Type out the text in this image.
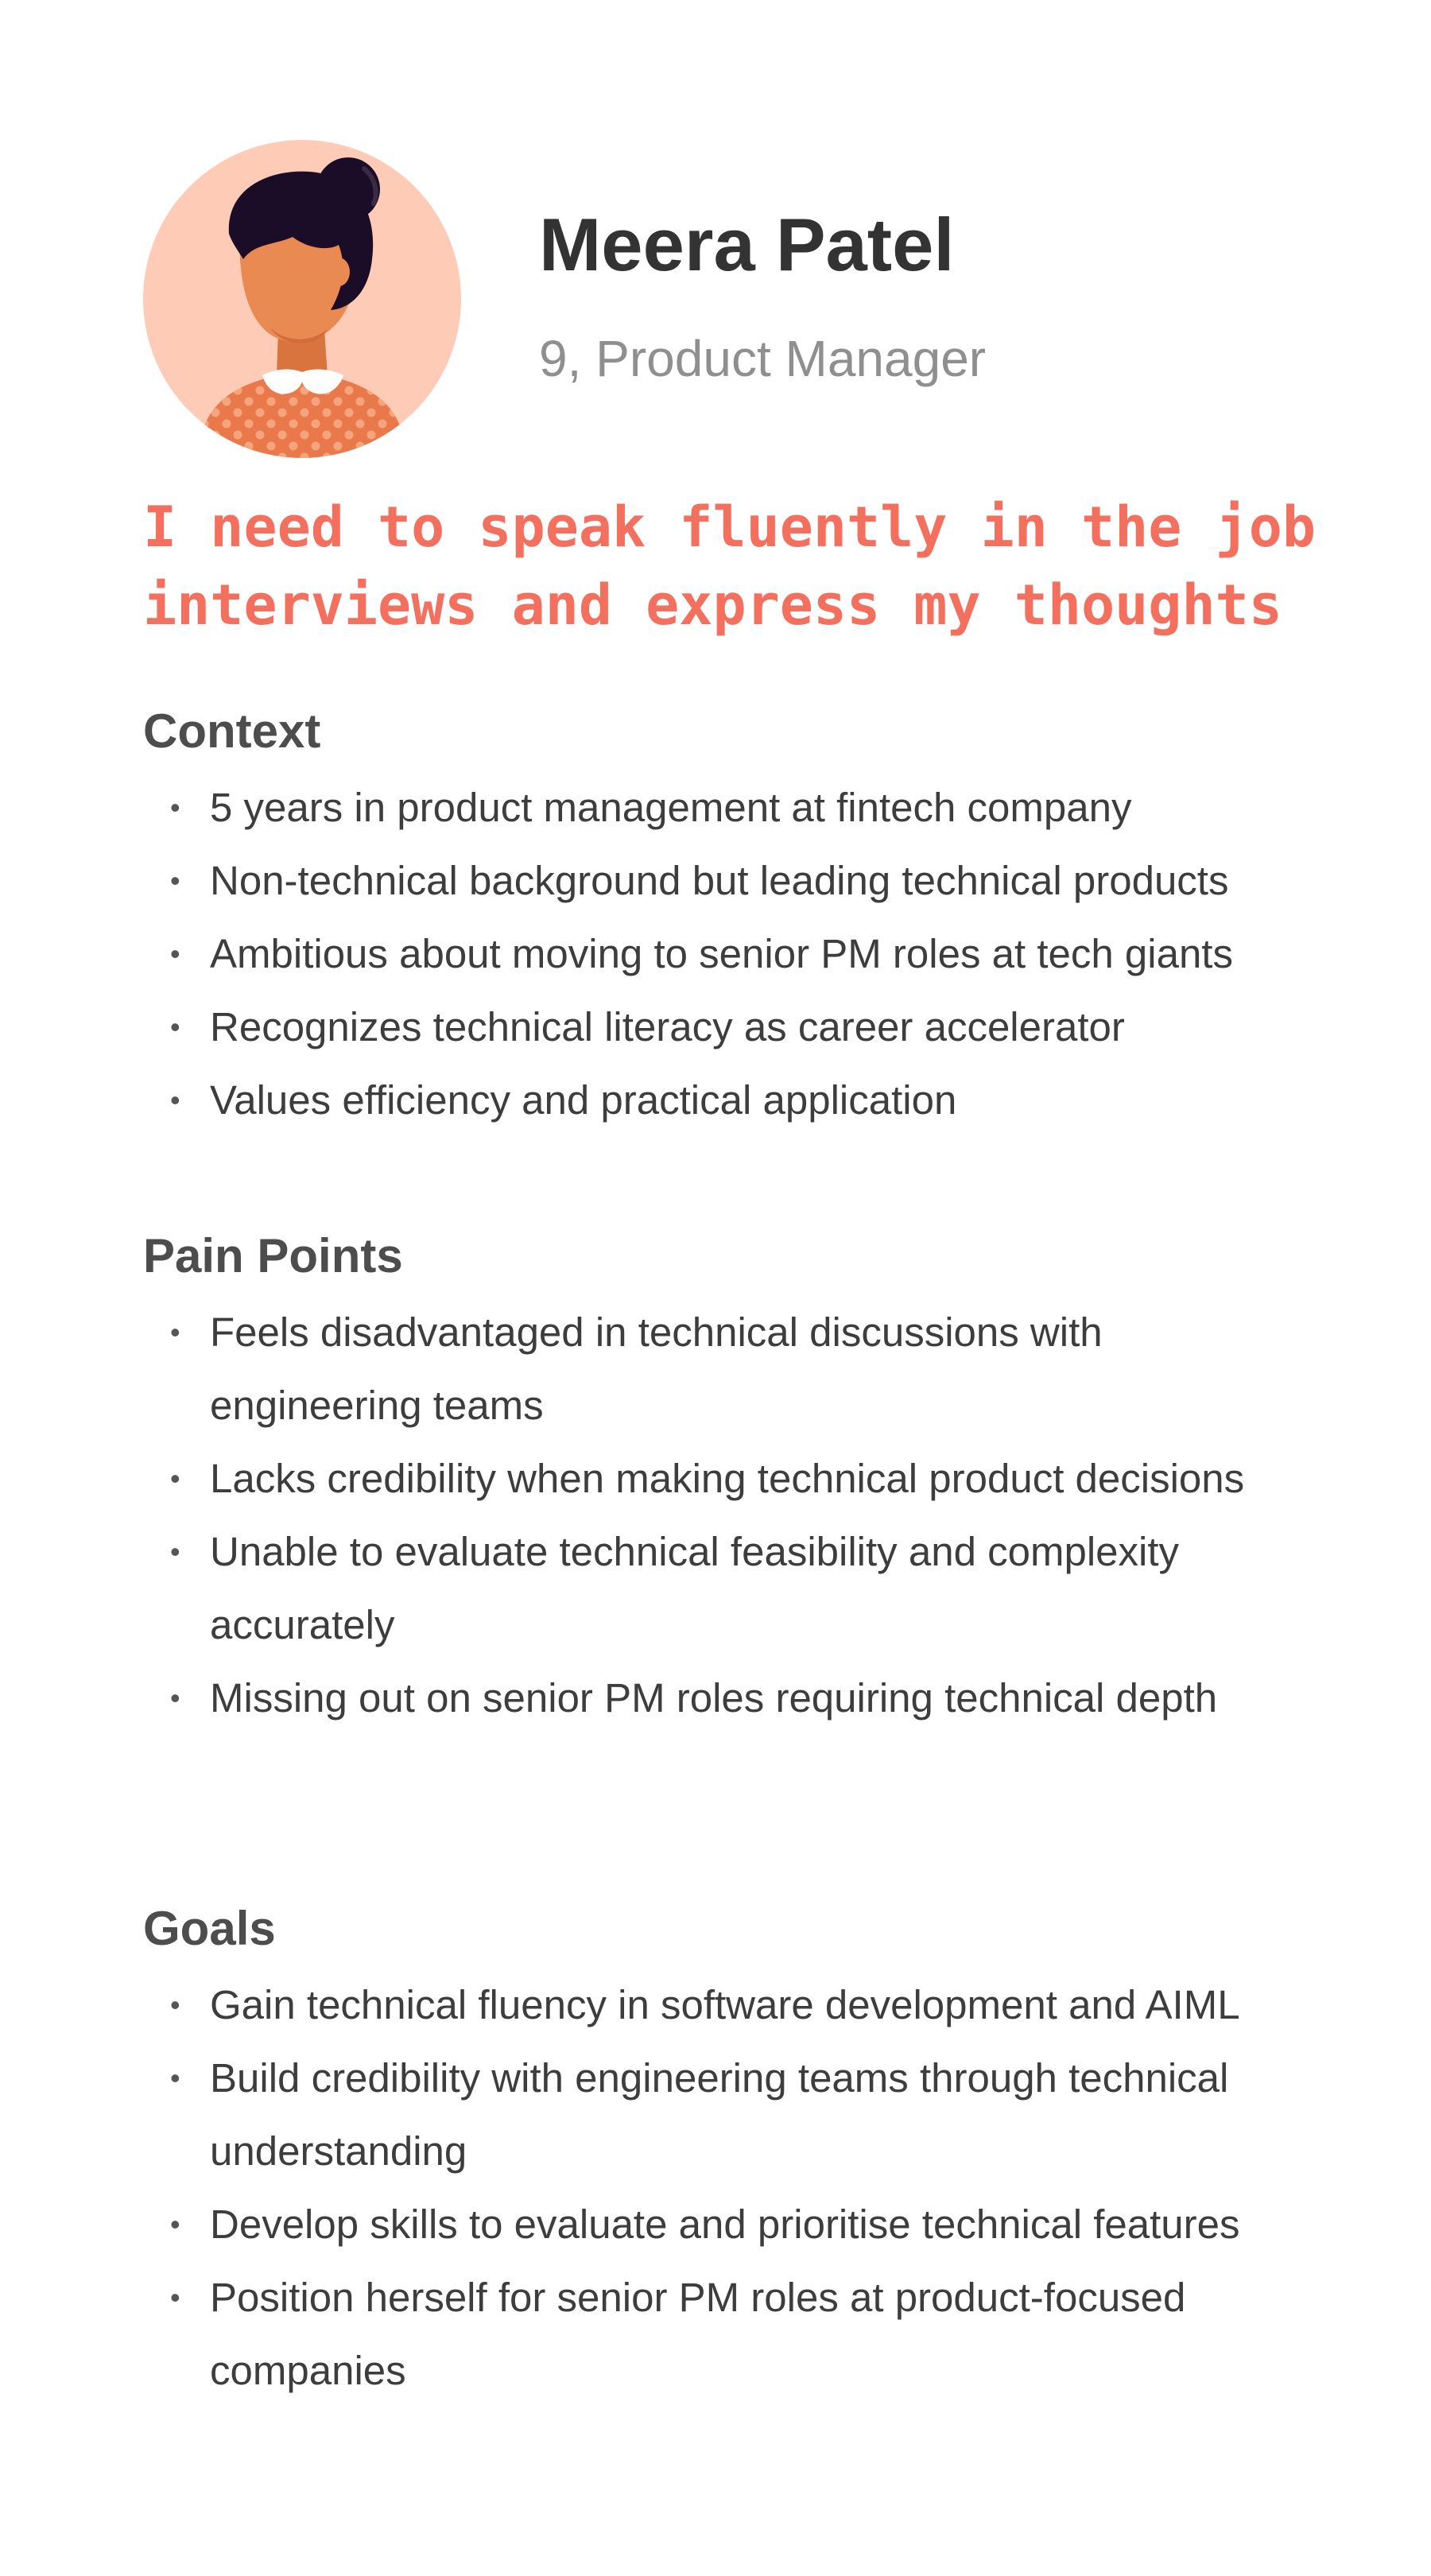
Meera Patel
9, Product Manager

I need to speak fluently in the job interviews and express my thoughts

Context
• 5 years in product management at fintech company
• Non-technical background but leading technical products
• Ambitious about moving to senior PM roles at tech giants
• Recognizes technical literacy as career accelerator
• Values efficiency and practical application
Pain Points
• Feels disadvantaged in technical discussions with engineering teams
• Lacks credibility when making technical product decisions
• Unable to evaluate technical feasibility and complexity accurately
• Missing out on senior PM roles requiring technical depth
Goals
• Gain technical fluency in software development and AIML
• Build credibility with engineering teams through technical understanding
• Develop skills to evaluate and prioritise technical features
• Position herself for senior PM roles at product-focused companies
